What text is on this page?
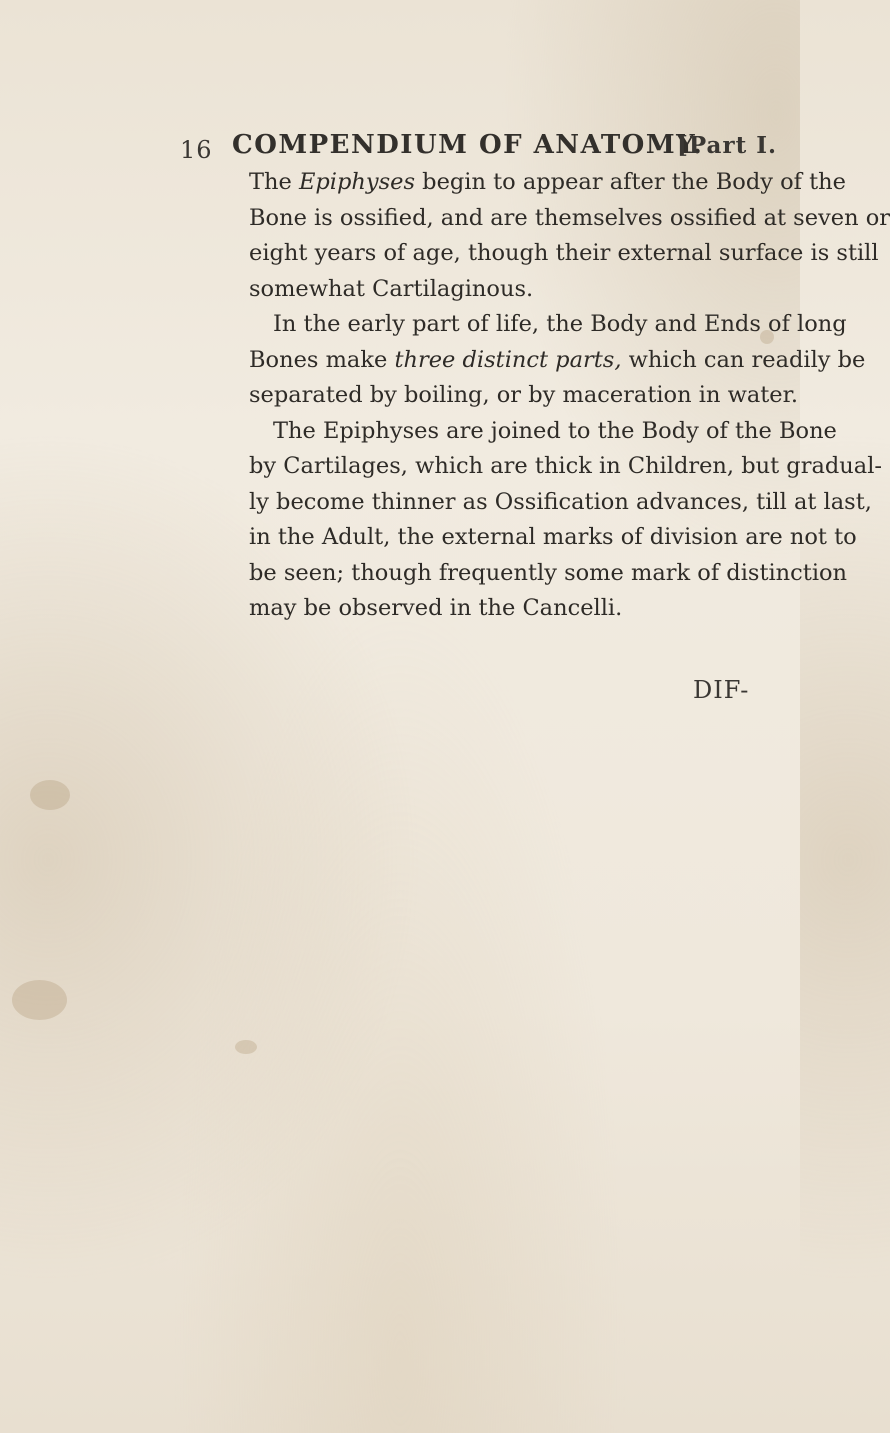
16 COMPENDIUM OF ANATOMY.
[Part I.

The Epiphyses begin to appear after the Body of the
Bone is ossified, and are themselves ossified at seven or
eight years of age, though their external surface is still
somewhat Cartilaginous.

In the early part of life, the Body and Ends of long
Bones make three distinct parts, which can readily be
separated by boiling, or by maceration in water.

The Epiphyses are joined to the Body of the Bone
by Cartilages, which are thick in Children, but gradual-
ly become thinner as Ossification advances, till at last,
in the Adult, the external marks of division are not to
be seen; though frequently some mark of distinction
may be observed in the Cancelli.

DIF-
